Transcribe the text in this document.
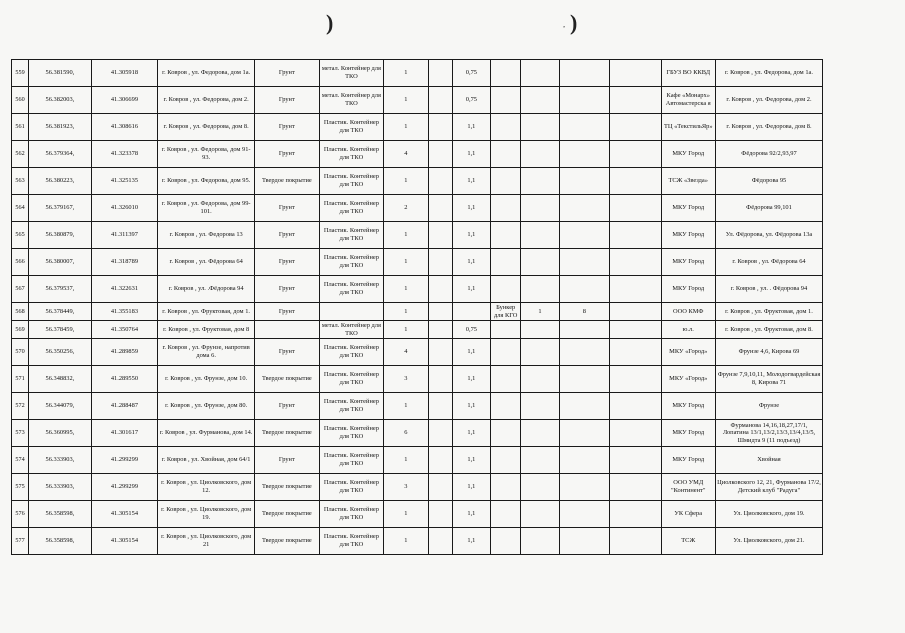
)	’ )
559	56.381590,	41.305918	г. Ковров , ул. Федорова, дом 1а.	Грунт	метал. Контейнер для ТКО	1		0,75					ГБУЗ ВО ККВД	г. Ковров , ул. Федорова, дом 1а.
560	56.382003,	41.306699	г. Ковров , ул. Федорова, дом 2.	Грунт	метал. Контейнер для ТКО	1		0,75					Кафе «Монарх» Автомастерска я	г. Ковров , ул. Федорова, дом 2.
561	56.381923,	41.308616	г. Ковров , ул. Федорова, дом 8.	Грунт	Пластик. Контейнер для ТКО	1		1,1					ТЦ «ТекстильЯр»	г. Ковров , ул. Федорова, дом 8.
562	56.379364,	41.323378	г. Ковров , ул. Федорова, дом 91-93.	Грунт	Пластик. Контейнер для ТКО	4		1,1					МКУ Город	Фёдорова 92/2,93,97
563	56.380223,	41.325135	г. Ковров , ул. Федорова, дом 95.	Твердое покрытие	Пластик. Контейнер для ТКО	1		1,1					ТСЖ «Звезда»	Фёдорова 95
564	56.379167,	41.326010	г. Ковров , ул. Федорова, дом 99-101.	Грунт	Пластик. Контейнер для ТКО	2		1,1					МКУ Город	Фёдорова 99,101
565	56.380879,	41.311397	г. Ковров , ул. Федорова 13	Грунт	Пластик. Контейнер для ТКО	1		1,1					МКУ Город	Ул. Фёдорова, ул. Фёдорова 13а
566	56.380007,	41.318789	г. Ковров , ул. Фёдорова 64	Грунт	Пластик. Контейнер для ТКО	1		1,1					МКУ Город	г. Ковров , ул. Фёдорова 64
567	56.379537,	41.322631	г. Ковров , ул. .Фёдорова 94	Грунт	Пластик. Контейнер для ТКО	1		1,1					МКУ Город	г. Ковров , ул. . Фёдорова 94
568	56.378449,	41.355183	г. Ковров , ул. Фруктовая, дом 1.	Грунт		1			Бункер для КГО	1	8		ООО КМФ	г. Ковров , ул. Фруктовая, дом 1.
569	56.378459,	41.350764	г. Ковров , ул. Фруктовая, дом 8		метал. Контейнер для ТКО	1		0,75					ю.л.	г. Ковров , ул. Фруктовая, дом 8.
570	56.350256,	41.289859	г. Ковров , ул. Фрунзе, напротив дома 6.	Грунт	Пластик. Контейнер для ТКО	4		1,1					МКУ «Город»	Фрунзе 4,6, Кирова 69
571	56.348832,	41.289550	г. Ковров , ул. Фрунзе, дом 10.	Твердое покрытие	Пластик. Контейнер для ТКО	3		1,1					МКУ «Город»	Фрунзе 7,9,10,11, Молодогвардейская 8, Кирова 71
572	56.344079,	41.288487	г. Ковров , ул. Фрунзе, дом 80.	Грунт	Пластик. Контейнер для ТКО	1		1,1					МКУ Город	Фрунзе
573	56.360995,	41.301617	г. Ковров , ул. Фурманова, дом 14.	Твердое покрытие	Пластик. Контейнер для ТКО	6		1,1					МКУ Город	Фурманова 14,16,18,27,17/1, Лопатина 13/1,13/2,13/3,13/4,13/5, Шмидта 9 (11 подъезд)
574	56.333903,	41.299299	г. Ковров , ул. Хвойная, дом 64/1	Грунт	Пластик. Контейнер для ТКО	1		1,1					МКУ Город	Хвойная
575	56.333903,	41.299299	г. Ковров , ул. Циолковского, дом 12.	Твердое покрытие	Пластик. Контейнер для ТКО	3		1,1					ООО УМД "Континент"	Циолковского 12, 21, Фурманова 17/2, Детский клуб "Радуга"
576	56.358598,	41.305154	г. Ковров , ул. Циолковского, дом 19.	Твердое покрытие	Пластик. Контейнер для ТКО	1		1,1					УК Сфера	Ул. Циолковского, дом 19.
577	56.358598,	41.305154	г. Ковров , ул. Циолковского, дом 21	Твердое покрытие	Пластик. Контейнер для ТКО	1		1,1					ТСЖ	Ул. Циолковского, дом 21.
